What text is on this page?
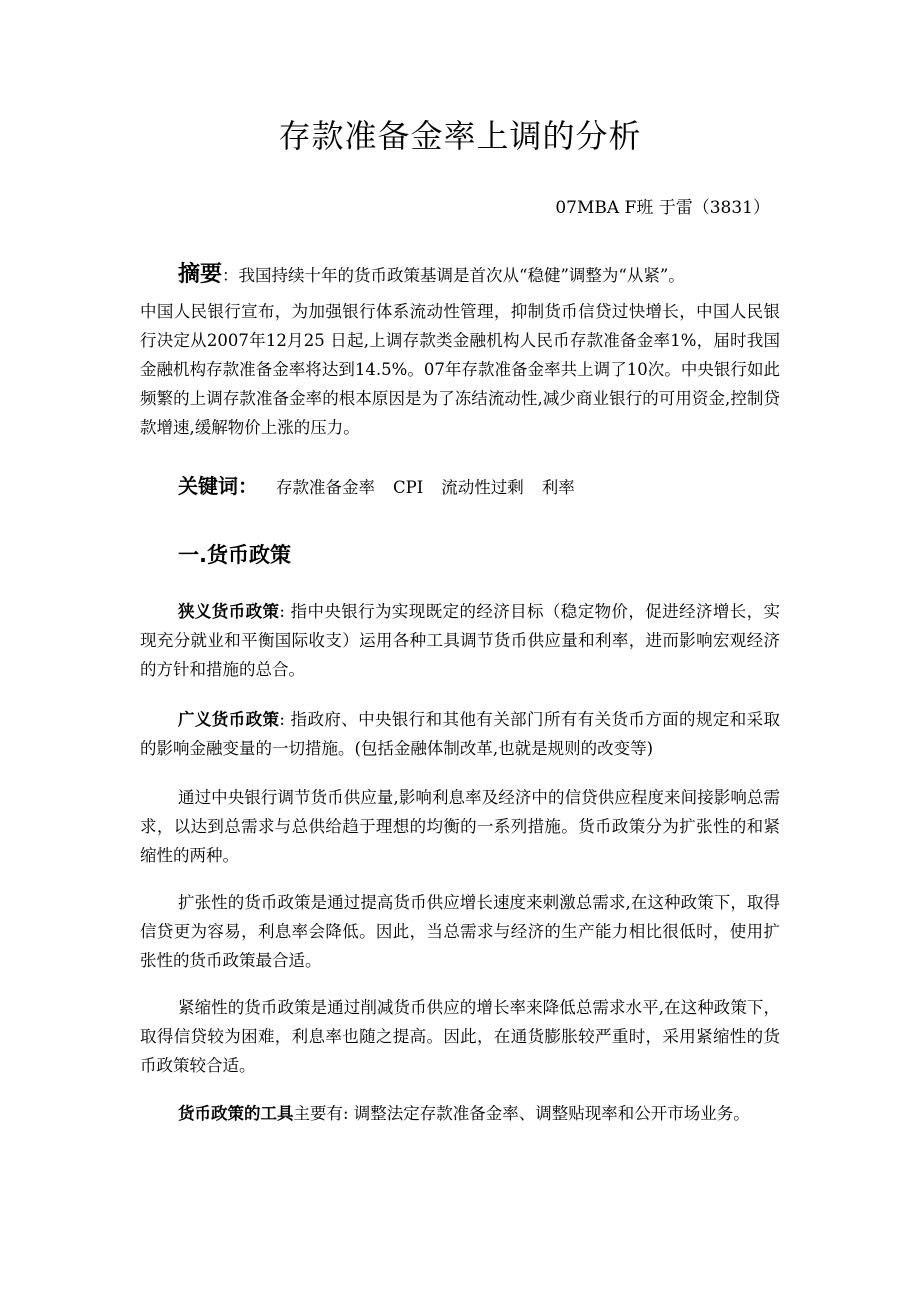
存款准备金率上调的分析
07MBA F班 于雷（3831）
摘要：我国持续十年的货币政策基调是首次从“稳健”调整为“从紧”。
中国人民银行宣布，为加强银行体系流动性管理，抑制货币信贷过快增长，中国人民银行决定从2007年12月25 日起,上调存款类金融机构人民币存款准备金率1%，届时我国金融机构存款准备金率将达到14.5%。07年存款准备金率共上调了10次。中央银行如此频繁的上调存款准备金率的根本原因是为了冻结流动性,减少商业银行的可用资金,控制贷款增速,缓解物价上涨的压力。
关键词： 存款准备金率 CPI 流动性过剩 利率
一.货币政策
狭义货币政策: 指中央银行为实现既定的经济目标（稳定物价，促进经济增长，实现充分就业和平衡国际收支）运用各种工具调节货币供应量和利率，进而影响宏观经济的方针和措施的总合。
广义货币政策: 指政府、中央银行和其他有关部门所有有关货币方面的规定和采取的影响金融变量的一切措施。(包括金融体制改革,也就是规则的改变等)
通过中央银行调节货币供应量,影响利息率及经济中的信贷供应程度来间接影响总需求，以达到总需求与总供给趋于理想的均衡的一系列措施。货币政策分为扩张性的和紧缩性的两种。
扩张性的货币政策是通过提高货币供应增长速度来刺激总需求,在这种政策下，取得信贷更为容易，利息率会降低。因此，当总需求与经济的生产能力相比很低时，使用扩张性的货币政策最合适。
紧缩性的货币政策是通过削减货币供应的增长率来降低总需求水平,在这种政策下，取得信贷较为困难，利息率也随之提高。因此，在通货膨胀较严重时，采用紧缩性的货币政策较合适。
货币政策的工具主要有: 调整法定存款准备金率、调整贴现率和公开市场业务。
